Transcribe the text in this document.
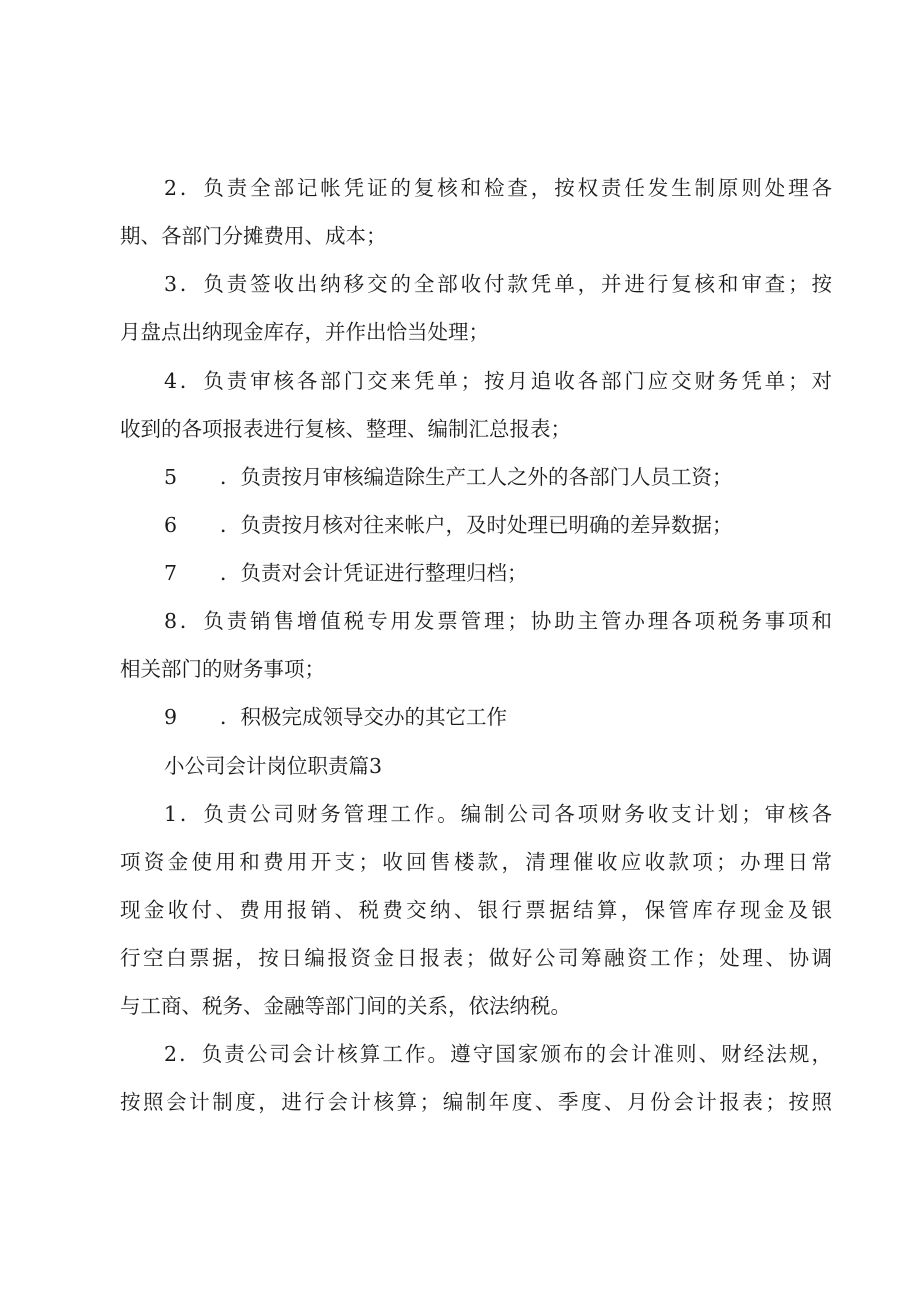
2．负责全部记帐凭证的复核和检查，按权责任发生制原则处理各
期、各部门分摊费用、成本；
3．负责签收出纳移交的全部收付款凭单，并进行复核和审查；按
月盘点出纳现金库存，并作出恰当处理；
4．负责审核各部门交来凭单；按月追收各部门应交财务凭单；对
收到的各项报表进行复核、整理、编制汇总报表；
5	．负责按月审核编造除生产工人之外的各部门人员工资；
6	．负责按月核对往来帐户，及时处理已明确的差异数据；
7	．负责对会计凭证进行整理归档；
8．负责销售增值税专用发票管理；协助主管办理各项税务事项和
相关部门的财务事项；
9	．积极完成领导交办的其它工作
小公司会计岗位职责篇3
1．负责公司财务管理工作。编制公司各项财务收支计划；审核各
项资金使用和费用开支；收回售楼款，清理催收应收款项；办理日常
现金收付、费用报销、税费交纳、银行票据结算，保管库存现金及银
行空白票据，按日编报资金日报表；做好公司筹融资工作；处理、协调
与工商、税务、金融等部门间的关系，依法纳税。
2．负责公司会计核算工作。遵守国家颁布的会计准则、财经法规，
按照会计制度，进行会计核算；编制年度、季度、月份会计报表；按照
